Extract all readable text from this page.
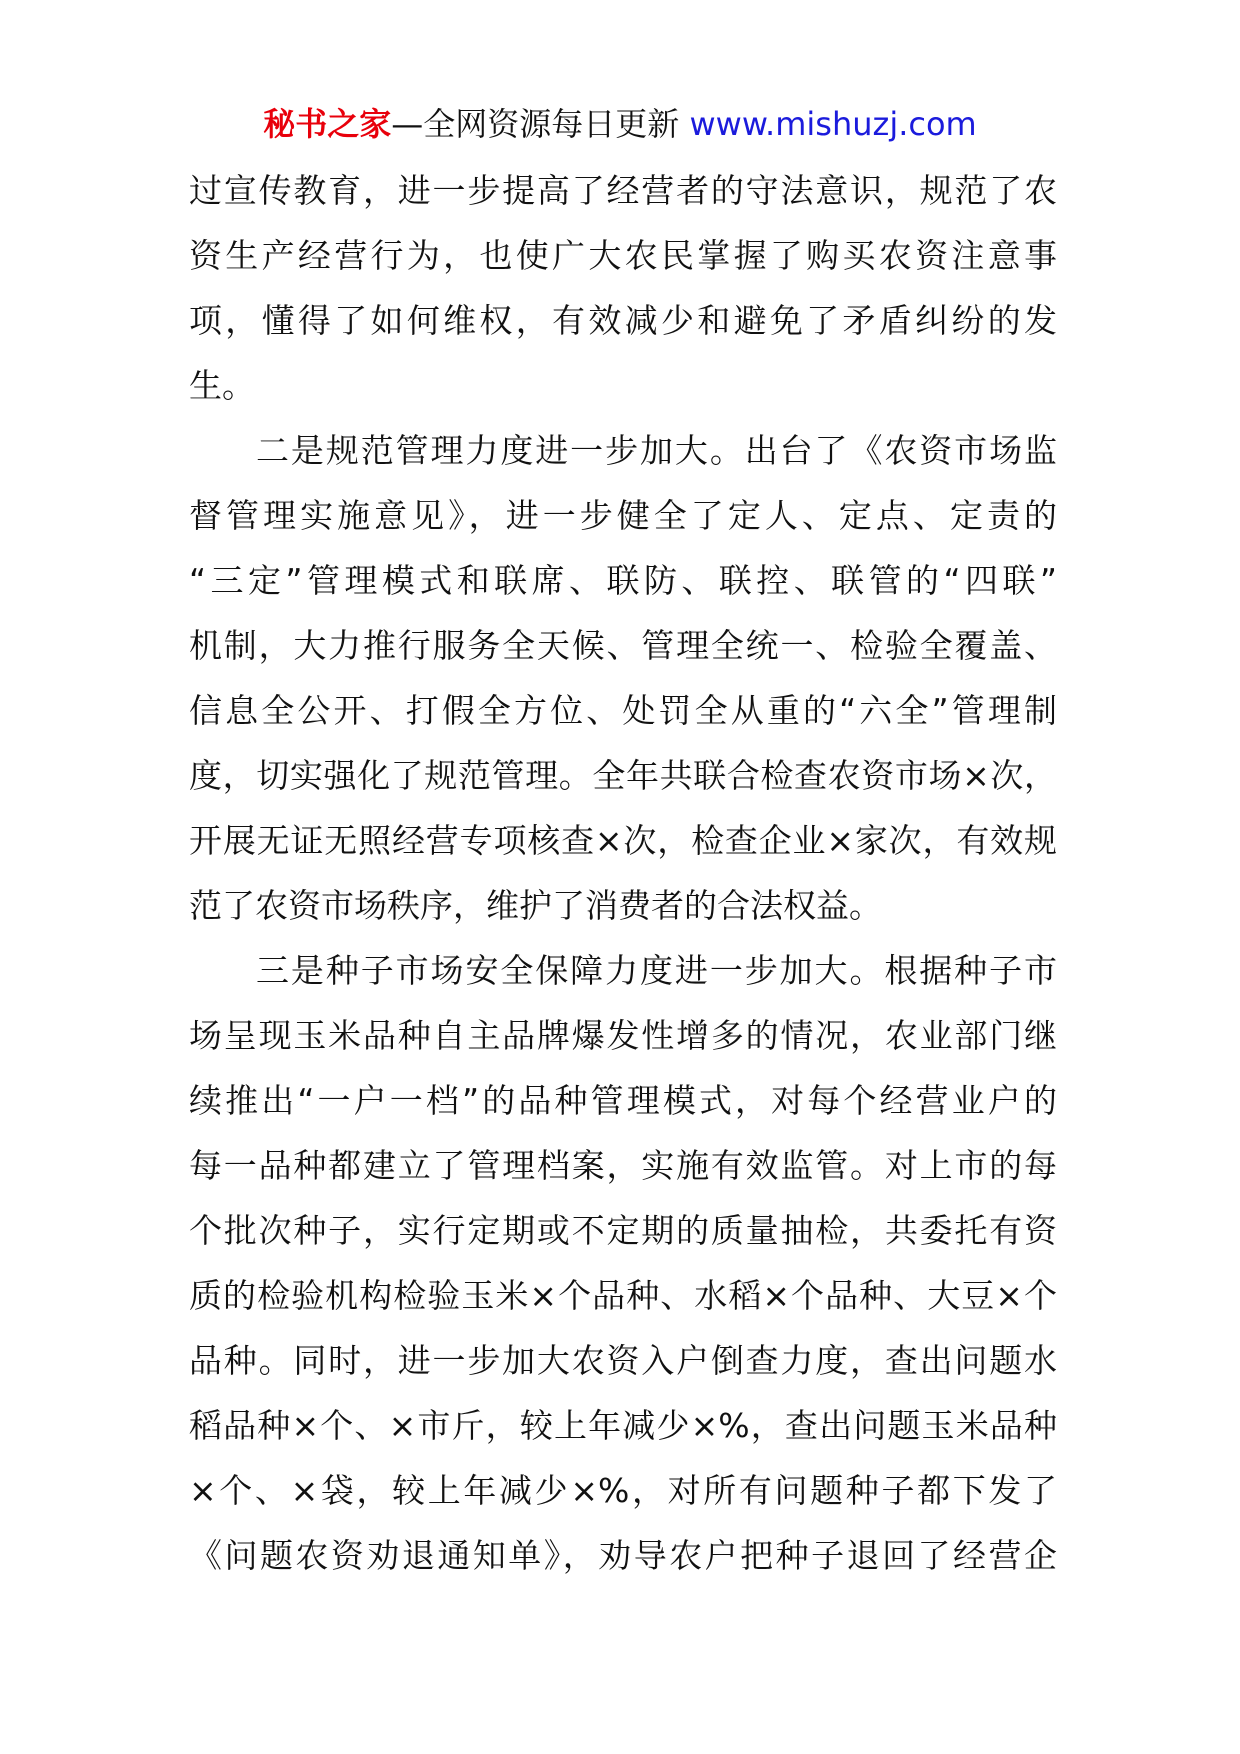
秘书之家—全网资源每日更新 www.mishuzj.com
过宣传教育，进一步提高了经营者的守法意识，规范了农
资生产经营行为，也使广大农民掌握了购买农资注意事
项，懂得了如何维权，有效减少和避免了矛盾纠纷的发
生。
二是规范管理力度进一步加大。出台了《农资市场监
督管理实施意见》，进一步健全了定人、定点、定责的
“三定”管理模式和联席、联防、联控、联管的“四联”
机制，大力推行服务全天候、管理全统一、检验全覆盖、
信息全公开、打假全方位、处罚全从重的“六全”管理制
度，切实强化了规范管理。全年共联合检查农资市场×次，
开展无证无照经营专项核查×次，检查企业×家次，有效规
范了农资市场秩序，维护了消费者的合法权益。
三是种子市场安全保障力度进一步加大。根据种子市
场呈现玉米品种自主品牌爆发性增多的情况，农业部门继
续推出“一户一档”的品种管理模式，对每个经营业户的
每一品种都建立了管理档案，实施有效监管。对上市的每
个批次种子，实行定期或不定期的质量抽检，共委托有资
质的检验机构检验玉米×个品种、水稻×个品种、大豆×个
品种。同时，进一步加大农资入户倒查力度，查出问题水
稻品种×个、×市斤，较上年减少×%，查出问题玉米品种
×个、×袋，较上年减少×%，对所有问题种子都下发了
《问题农资劝退通知单》，劝导农户把种子退回了经营企
